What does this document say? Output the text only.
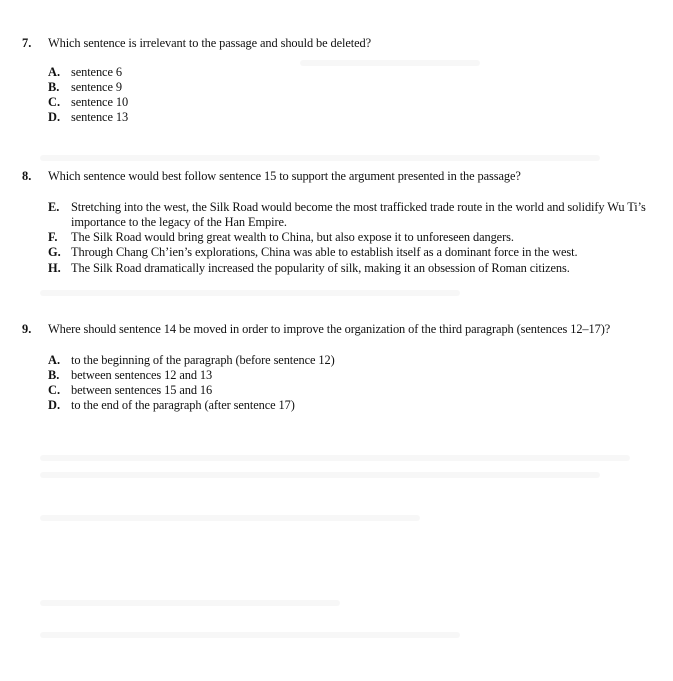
7.	Which sentence is irrelevant to the passage and should be deleted?
A. sentence 6
B. sentence 9
C. sentence 10
D. sentence 13
8.	Which sentence would best follow sentence 15 to support the argument presented in the passage?
E. Stretching into the west, the Silk Road would become the most trafficked trade route in the world and solidify Wu Ti’s importance to the legacy of the Han Empire.
F.	The Silk Road would bring great wealth to China, but also expose it to unforeseen dangers.
G. Through Chang Ch’ien’s explorations, China was able to establish itself as a dominant force in the west.
H. The Silk Road dramatically increased the popularity of silk, making it an obsession of Roman citizens.
9.	Where should sentence 14 be moved in order to improve the organization of the third paragraph (sentences 12–17)?
A. to the beginning of the paragraph (before sentence 12)
B. between sentences 12 and 13
C. between sentences 15 and 16
D. to the end of the paragraph (after sentence 17)
